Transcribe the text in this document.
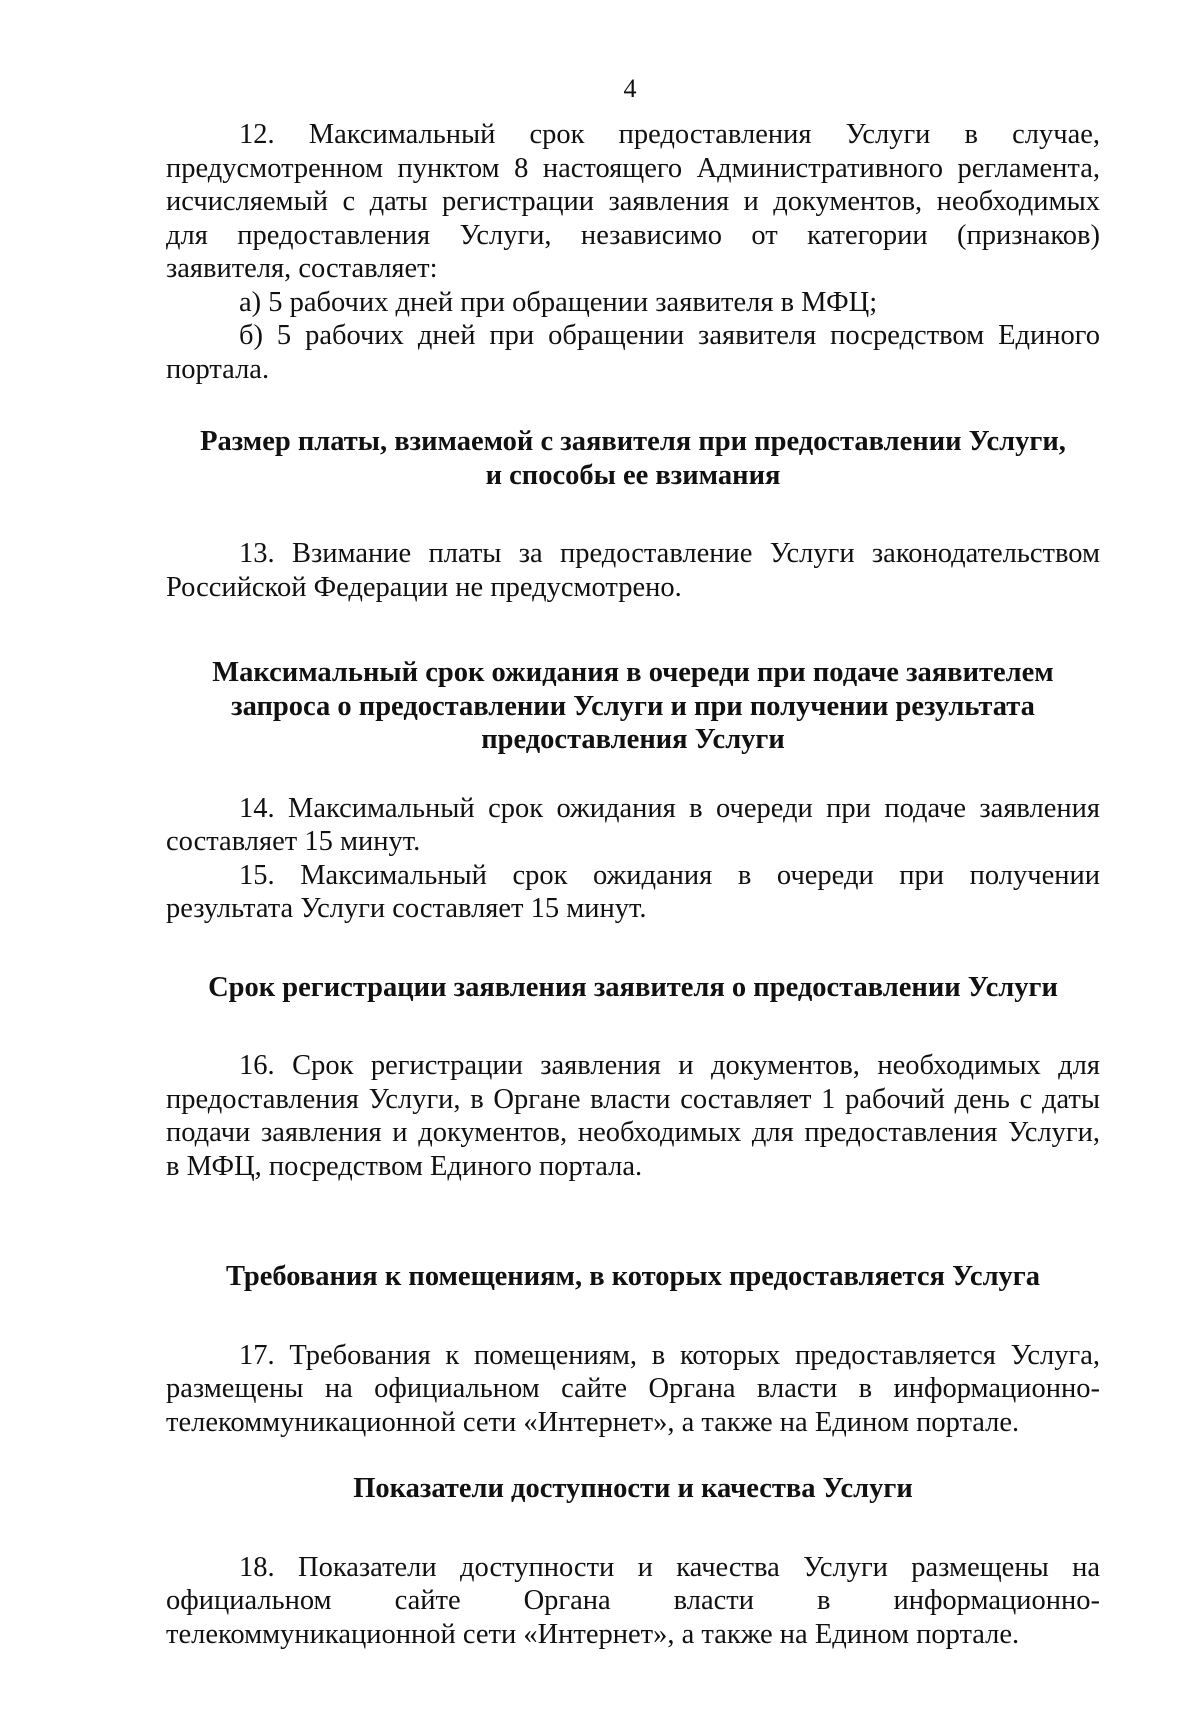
4

12. Максимальный срок предоставления Услуги в случае,

предусмотренном пунктом 8 настоящего Административного регламента,

исчисляемый с даты регистрации заявления и документов, необходимых

для предоставления Услуги, независимо от категории (признаков)

заявителя, составляет:

а) 5 рабочих дней при обращении заявителя в МФЦ;

б) 5 рабочих дней при обращении заявителя посредством Единого

портала.

Размер платы, взимаемой с заявителя при предоставлении Услуги,
и способы ее взимания

13. Взимание платы за предоставление Услуги законодательством

Российской Федерации не предусмотрено.

Максимальный срок ожидания в очереди при подаче заявителем
запроса о предоставлении Услуги и при получении результата
предоставления Услуги

14. Максимальный срок ожидания в очереди при подаче заявления

составляет 15 минут.

15. Максимальный срок ожидания в очереди при получении

результата Услуги составляет 15 минут.

Срок регистрации заявления заявителя о предоставлении Услуги

16. Срок регистрации заявления и документов, необходимых для

предоставления Услуги, в Органе власти составляет 1 рабочий день с даты

подачи заявления и документов, необходимых для предоставления Услуги,

в МФЦ, посредством Единого портала.

Требования к помещениям, в которых предоставляется Услуга

17. Требования к помещениям, в которых предоставляется Услуга,

размещены на официальном сайте Органа власти в информационно-

телекоммуникационной сети «Интернет», а также на Едином портале.

Показатели доступности и качества Услуги

18. Показатели доступности и качества Услуги размещены на

официальном сайте Органа власти в информационно-

телекоммуникационной сети «Интернет», а также на Едином портале.
